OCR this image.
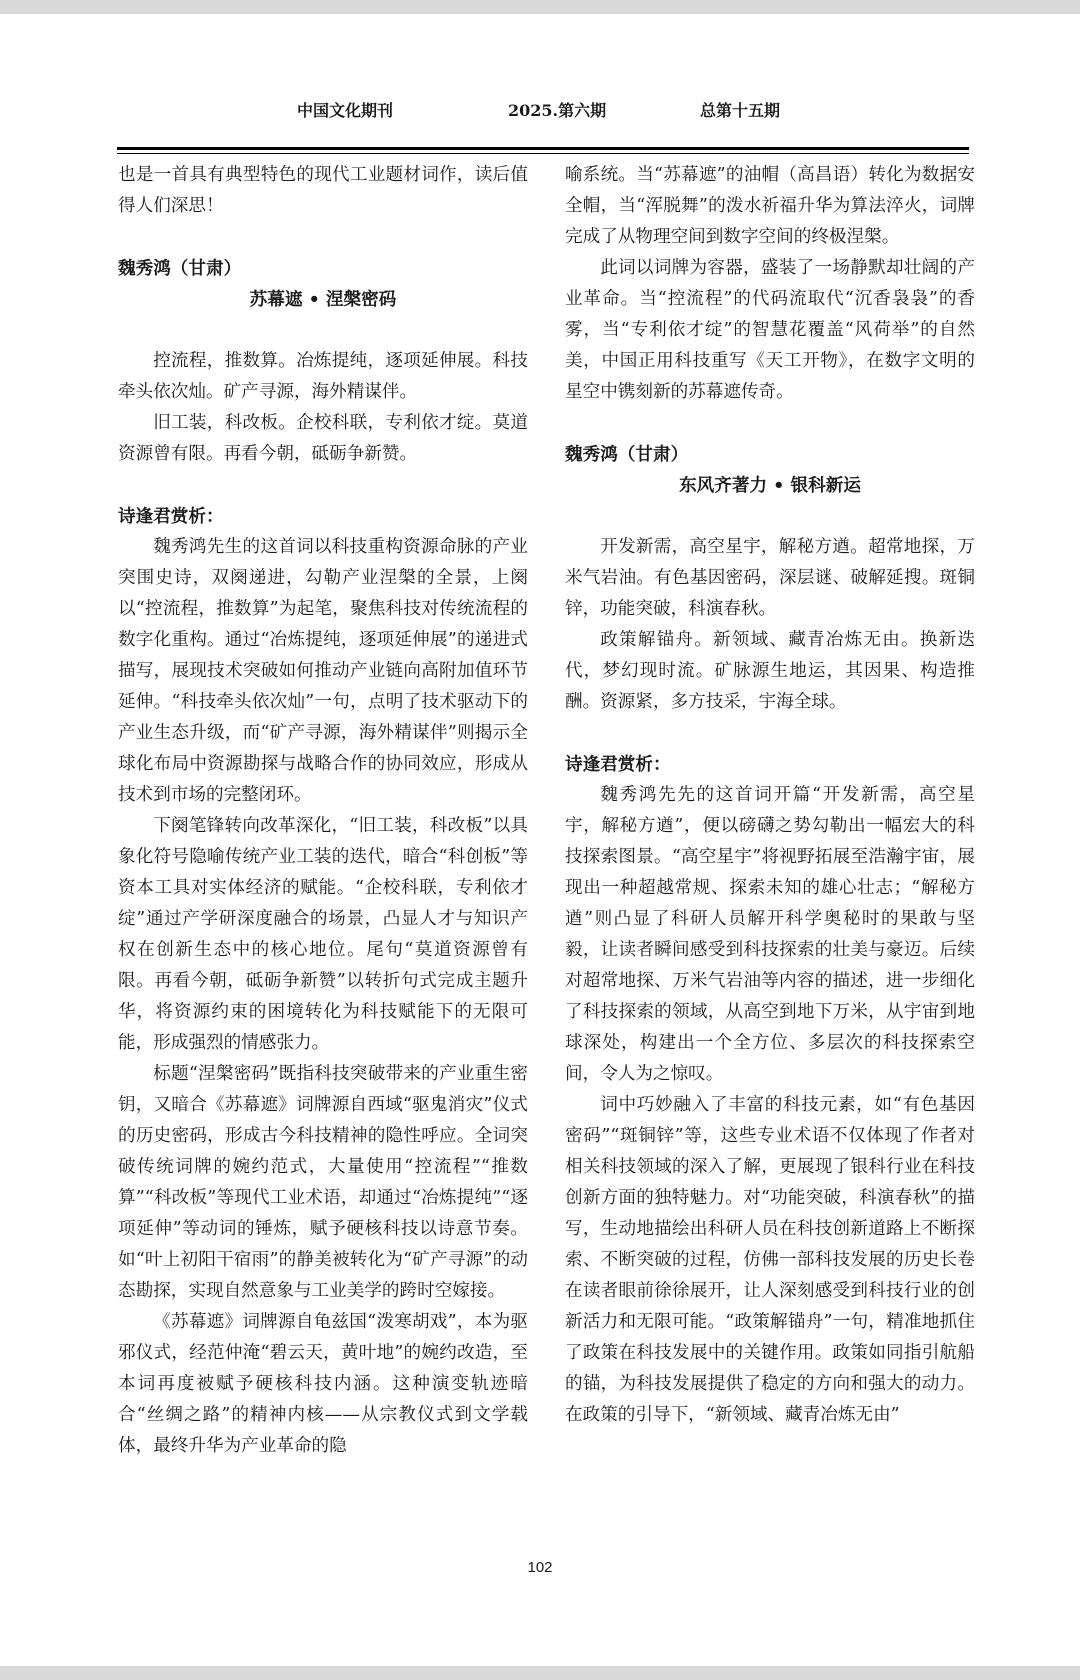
中国文化期刊	2025.第六期	总第十五期

也是一首具有典型特色的现代工业题材词作，读后值得人们深思！

魏秀鸿（甘肃）

苏幕遮 • 涅槃密码

控流程，推数算。冶炼提纯，逐项延伸展。科技牵头依次灿。矿产寻源，海外精谋伴。

旧工装，科改板。企校科联，专利依才绽。莫道资源曾有限。再看今朝，砥砺争新赞。

诗逢君赏析：

魏秀鸿先生的这首词以科技重构资源命脉的产业突围史诗，双阕递进，勾勒产业涅槃的全景，上阕以“控流程，推数算”为起笔，聚焦科技对传统流程的数字化重构。通过“冶炼提纯，逐项延伸展”的递进式描写，展现技术突破如何推动产业链向高附加值环节延伸。“科技牵头依次灿”一句，点明了技术驱动下的产业生态升级，而“矿产寻源，海外精谋伴”则揭示全球化布局中资源勘探与战略合作的协同效应，形成从技术到市场的完整闭环。

下阕笔锋转向改革深化，“旧工装，科改板”以具象化符号隐喻传统产业工装的迭代，暗合“科创板”等资本工具对实体经济的赋能。“企校科联，专利依才绽”通过产学研深度融合的场景，凸显人才与知识产权在创新生态中的核心地位。尾句“莫道资源曾有限。再看今朝，砥砺争新赞”以转折句式完成主题升华，将资源约束的困境转化为科技赋能下的无限可能，形成强烈的情感张力。

标题“涅槃密码”既指科技突破带来的产业重生密钥，又暗合《苏幕遮》词牌源自西域“驱鬼消灾”仪式的历史密码，形成古今科技精神的隐性呼应。全词突破传统词牌的婉约范式，大量使用“控流程”“推数算”“科改板”等现代工业术语，却通过“冶炼提纯”“逐项延伸”等动词的锤炼，赋予硬核科技以诗意节奏。如“叶上初阳干宿雨”的静美被转化为“矿产寻源”的动态勘探，实现自然意象与工业美学的跨时空嫁接。

《苏幕遮》词牌源自龟兹国“泼寒胡戏”，本为驱邪仪式，经范仲淹“碧云天，黄叶地”的婉约改造，至本词再度被赋予硬核科技内涵。这种演变轨迹暗合“丝绸之路”的精神内核——从宗教仪式到文学载体，最终升华为产业革命的隐

喻系统。当“苏幕遮”的油帽（高昌语）转化为数据安全帽，当“浑脱舞”的泼水祈福升华为算法淬火，词牌完成了从物理空间到数字空间的终极涅槃。

此词以词牌为容器，盛装了一场静默却壮阔的产业革命。当“控流程”的代码流取代“沉香袅袅”的香雾，当“专利依才绽”的智慧花覆盖“风荷举”的自然美，中国正用科技重写《天工开物》，在数字文明的星空中镌刻新的苏幕遮传奇。

魏秀鸿（甘肃）

东风齐著力 • 银科新运

开发新需，高空星宇，解秘方遒。超常地探，万米气岩油。有色基因密码，深层谜、破解延搜。斑铜锌，功能突破，科演春秋。

政策解锚舟。新领域、藏青冶炼无由。换新迭代，梦幻现时流。矿脉源生地运，其因果、构造推酬。资源紧，多方技采，宇海全球。

诗逢君赏析：

魏秀鸿先先的这首词开篇“开发新需，高空星宇，解秘方遒”，便以磅礴之势勾勒出一幅宏大的科技探索图景。“高空星宇”将视野拓展至浩瀚宇宙，展现出一种超越常规、探索未知的雄心壮志；“解秘方遒”则凸显了科研人员解开科学奥秘时的果敢与坚毅，让读者瞬间感受到科技探索的壮美与豪迈。后续对超常地探、万米气岩油等内容的描述，进一步细化了科技探索的领域，从高空到地下万米，从宇宙到地球深处，构建出一个全方位、多层次的科技探索空间，令人为之惊叹。

词中巧妙融入了丰富的科技元素，如“有色基因密码”“斑铜锌”等，这些专业术语不仅体现了作者对相关科技领域的深入了解，更展现了银科行业在科技创新方面的独特魅力。对“功能突破，科演春秋”的描写，生动地描绘出科研人员在科技创新道路上不断探索、不断突破的过程，仿佛一部科技发展的历史长卷在读者眼前徐徐展开，让人深刻感受到科技行业的创新活力和无限可能。“政策解锚舟”一句，精准地抓住了政策在科技发展中的关键作用。政策如同指引航船的锚，为科技发展提供了稳定的方向和强大的动力。在政策的引导下，“新领域、藏青冶炼无由”

102
